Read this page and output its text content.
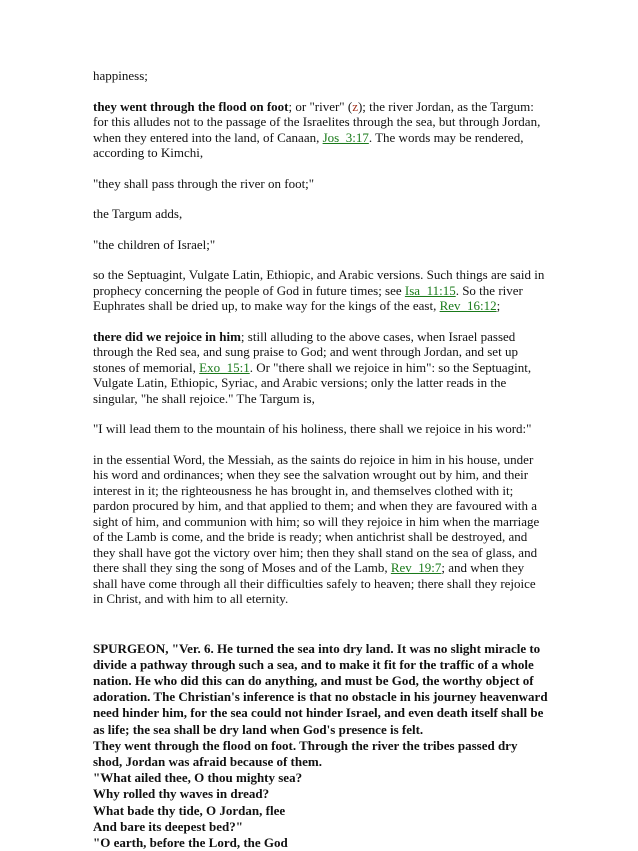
happiness;

they went through the flood on foot; or "river" (z); the river Jordan, as the Targum: for this alludes not to the passage of the Israelites through the sea, but through Jordan, when they entered into the land, of Canaan, Jos_3:17. The words may be rendered, according to Kimchi,

"they shall pass through the river on foot;"

the Targum adds,

"the children of Israel;"

so the Septuagint, Vulgate Latin, Ethiopic, and Arabic versions. Such things are said in prophecy concerning the people of God in future times; see Isa_11:15. So the river Euphrates shall be dried up, to make way for the kings of the east, Rev_16:12;

there did we rejoice in him; still alluding to the above cases, when Israel passed through the Red sea, and sung praise to God; and went through Jordan, and set up stones of memorial, Exo_15:1. Or "there shall we rejoice in him": so the Septuagint, Vulgate Latin, Ethiopic, Syriac, and Arabic versions; only the latter reads in the singular, "he shall rejoice." The Targum is,

"I will lead them to the mountain of his holiness, there shall we rejoice in his word:"

in the essential Word, the Messiah, as the saints do rejoice in him in his house, under his word and ordinances; when they see the salvation wrought out by him, and their interest in it; the righteousness he has brought in, and themselves clothed with it; pardon procured by him, and that applied to them; and when they are favoured with a sight of him, and communion with him; so will they rejoice in him when the marriage of the Lamb is come, and the bride is ready; when antichrist shall be destroyed, and they shall have got the victory over him; then they shall stand on the sea of glass, and there shall they sing the song of Moses and of the Lamb, Rev_19:7; and when they shall have come through all their difficulties safely to heaven; there shall they rejoice in Christ, and with him to all eternity.

SPURGEON, "Ver. 6. He turned the sea into dry land. It was no slight miracle to divide a pathway through such a sea, and to make it fit for the traffic of a whole nation. He who did this can do anything, and must be God, the worthy object of adoration. The Christian's inference is that no obstacle in his journey heavenward need hinder him, for the sea could not hinder Israel, and even death itself shall be as life; the sea shall be dry land when God's presence is felt.
They went through the flood on foot. Through the river the tribes passed dry shod, Jordan was afraid because of them.
"What ailed thee, O thou mighty sea?
Why rolled thy waves in dread?
What bade thy tide, O Jordan, flee
And bare its deepest bed?"
"O earth, before the Lord, the God
